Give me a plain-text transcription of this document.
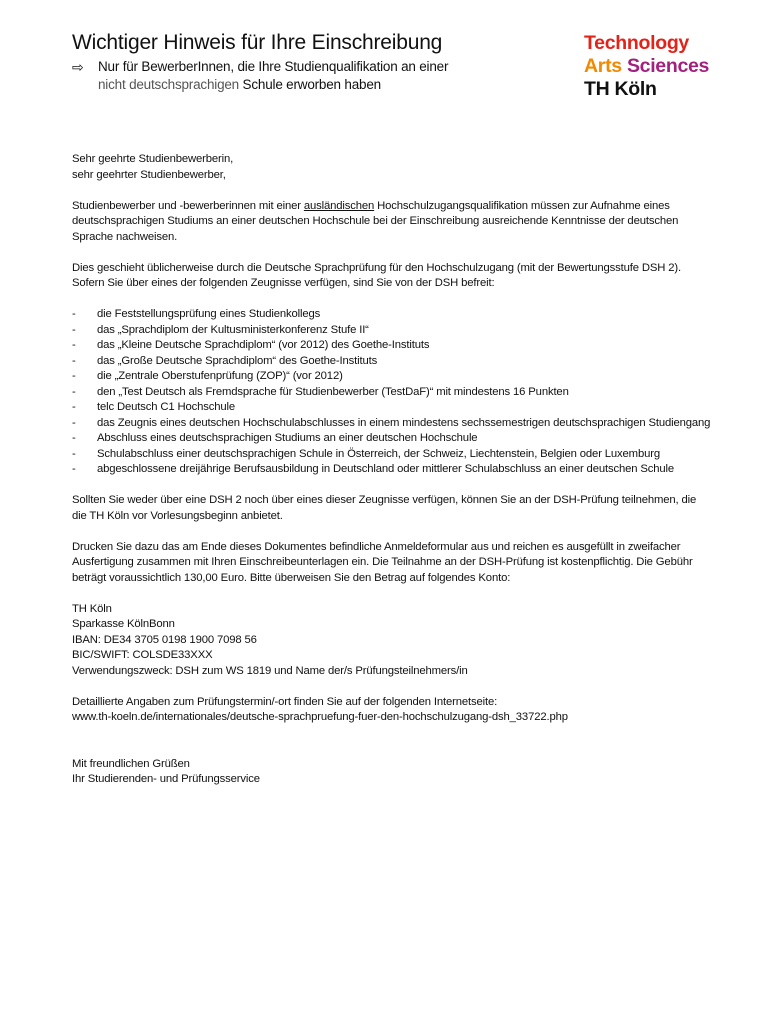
Wichtiger Hinweis für Ihre Einschreibung
⇨	Nur für BewerberInnen, die Ihre Studienqualifikation an einer
nicht deutschsprachigen Schule erworben haben
Technology
Arts Sciences
TH Köln

Sehr geehrte Studienbewerberin,

sehr geehrter Studienbewerber,

Studienbewerber und -bewerberinnen mit einer ausländischen Hochschulzugangsqualifikation müssen zur Aufnahme eines

deutschsprachigen Studiums an einer deutschen Hochschule bei der Einschreibung ausreichende Kenntnisse der deutschen

Sprache nachweisen.

Dies geschieht üblicherweise durch die Deutsche Sprachprüfung für den Hochschulzugang (mit der Bewertungsstufe DSH 2).

Sofern Sie über eines der folgenden Zeugnisse verfügen, sind Sie von der DSH befreit:

-	die Feststellungsprüfung eines Studienkollegs
-	das „Sprachdiplom der Kultusministerkonferenz Stufe II“
-	das „Kleine Deutsche Sprachdiplom“ (vor 2012) des Goethe-Instituts
-	das „Große Deutsche Sprachdiplom“ des Goethe-Instituts
-	die „Zentrale Oberstufenprüfung (ZOP)“ (vor 2012)
-	den „Test Deutsch als Fremdsprache für Studienbewerber (TestDaF)“ mit mindestens 16 Punkten
-	telc Deutsch C1 Hochschule
-	das Zeugnis eines deutschen Hochschulabschlusses in einem mindestens sechssemestrigen deutschsprachigen Studiengang
-	Abschluss eines deutschsprachigen Studiums an einer deutschen Hochschule
-	Schulabschluss einer deutschsprachigen Schule in Österreich, der Schweiz, Liechtenstein, Belgien oder Luxemburg
-	abgeschlossene dreijährige Berufsausbildung in Deutschland oder mittlerer Schulabschluss an einer deutschen Schule

Sollten Sie weder über eine DSH 2 noch über eines dieser Zeugnisse verfügen, können Sie an der DSH-Prüfung teilnehmen, die

die TH Köln vor Vorlesungsbeginn anbietet.

Drucken Sie dazu das am Ende dieses Dokumentes befindliche Anmeldeformular aus und reichen es ausgefüllt in zweifacher

Ausfertigung zusammen mit Ihren Einschreibeunterlagen ein. Die Teilnahme an der DSH-Prüfung ist kostenpflichtig. Die Gebühr

beträgt voraussichtlich 130,00 Euro. Bitte überweisen Sie den Betrag auf folgendes Konto:

TH Köln

Sparkasse KölnBonn

IBAN: DE34 3705 0198 1900 7098 56

BIC/SWIFT: COLSDE33XXX

Verwendungszweck: DSH zum WS 1819 und Name der/s Prüfungsteilnehmers/in

Detaillierte Angaben zum Prüfungstermin/-ort finden Sie auf der folgenden Internetseite:

www.th-koeln.de/internationales/deutsche-sprachpruefung-fuer-den-hochschulzugang-dsh_33722.php

Mit freundlichen Grüßen

Ihr Studierenden- und Prüfungsservice
